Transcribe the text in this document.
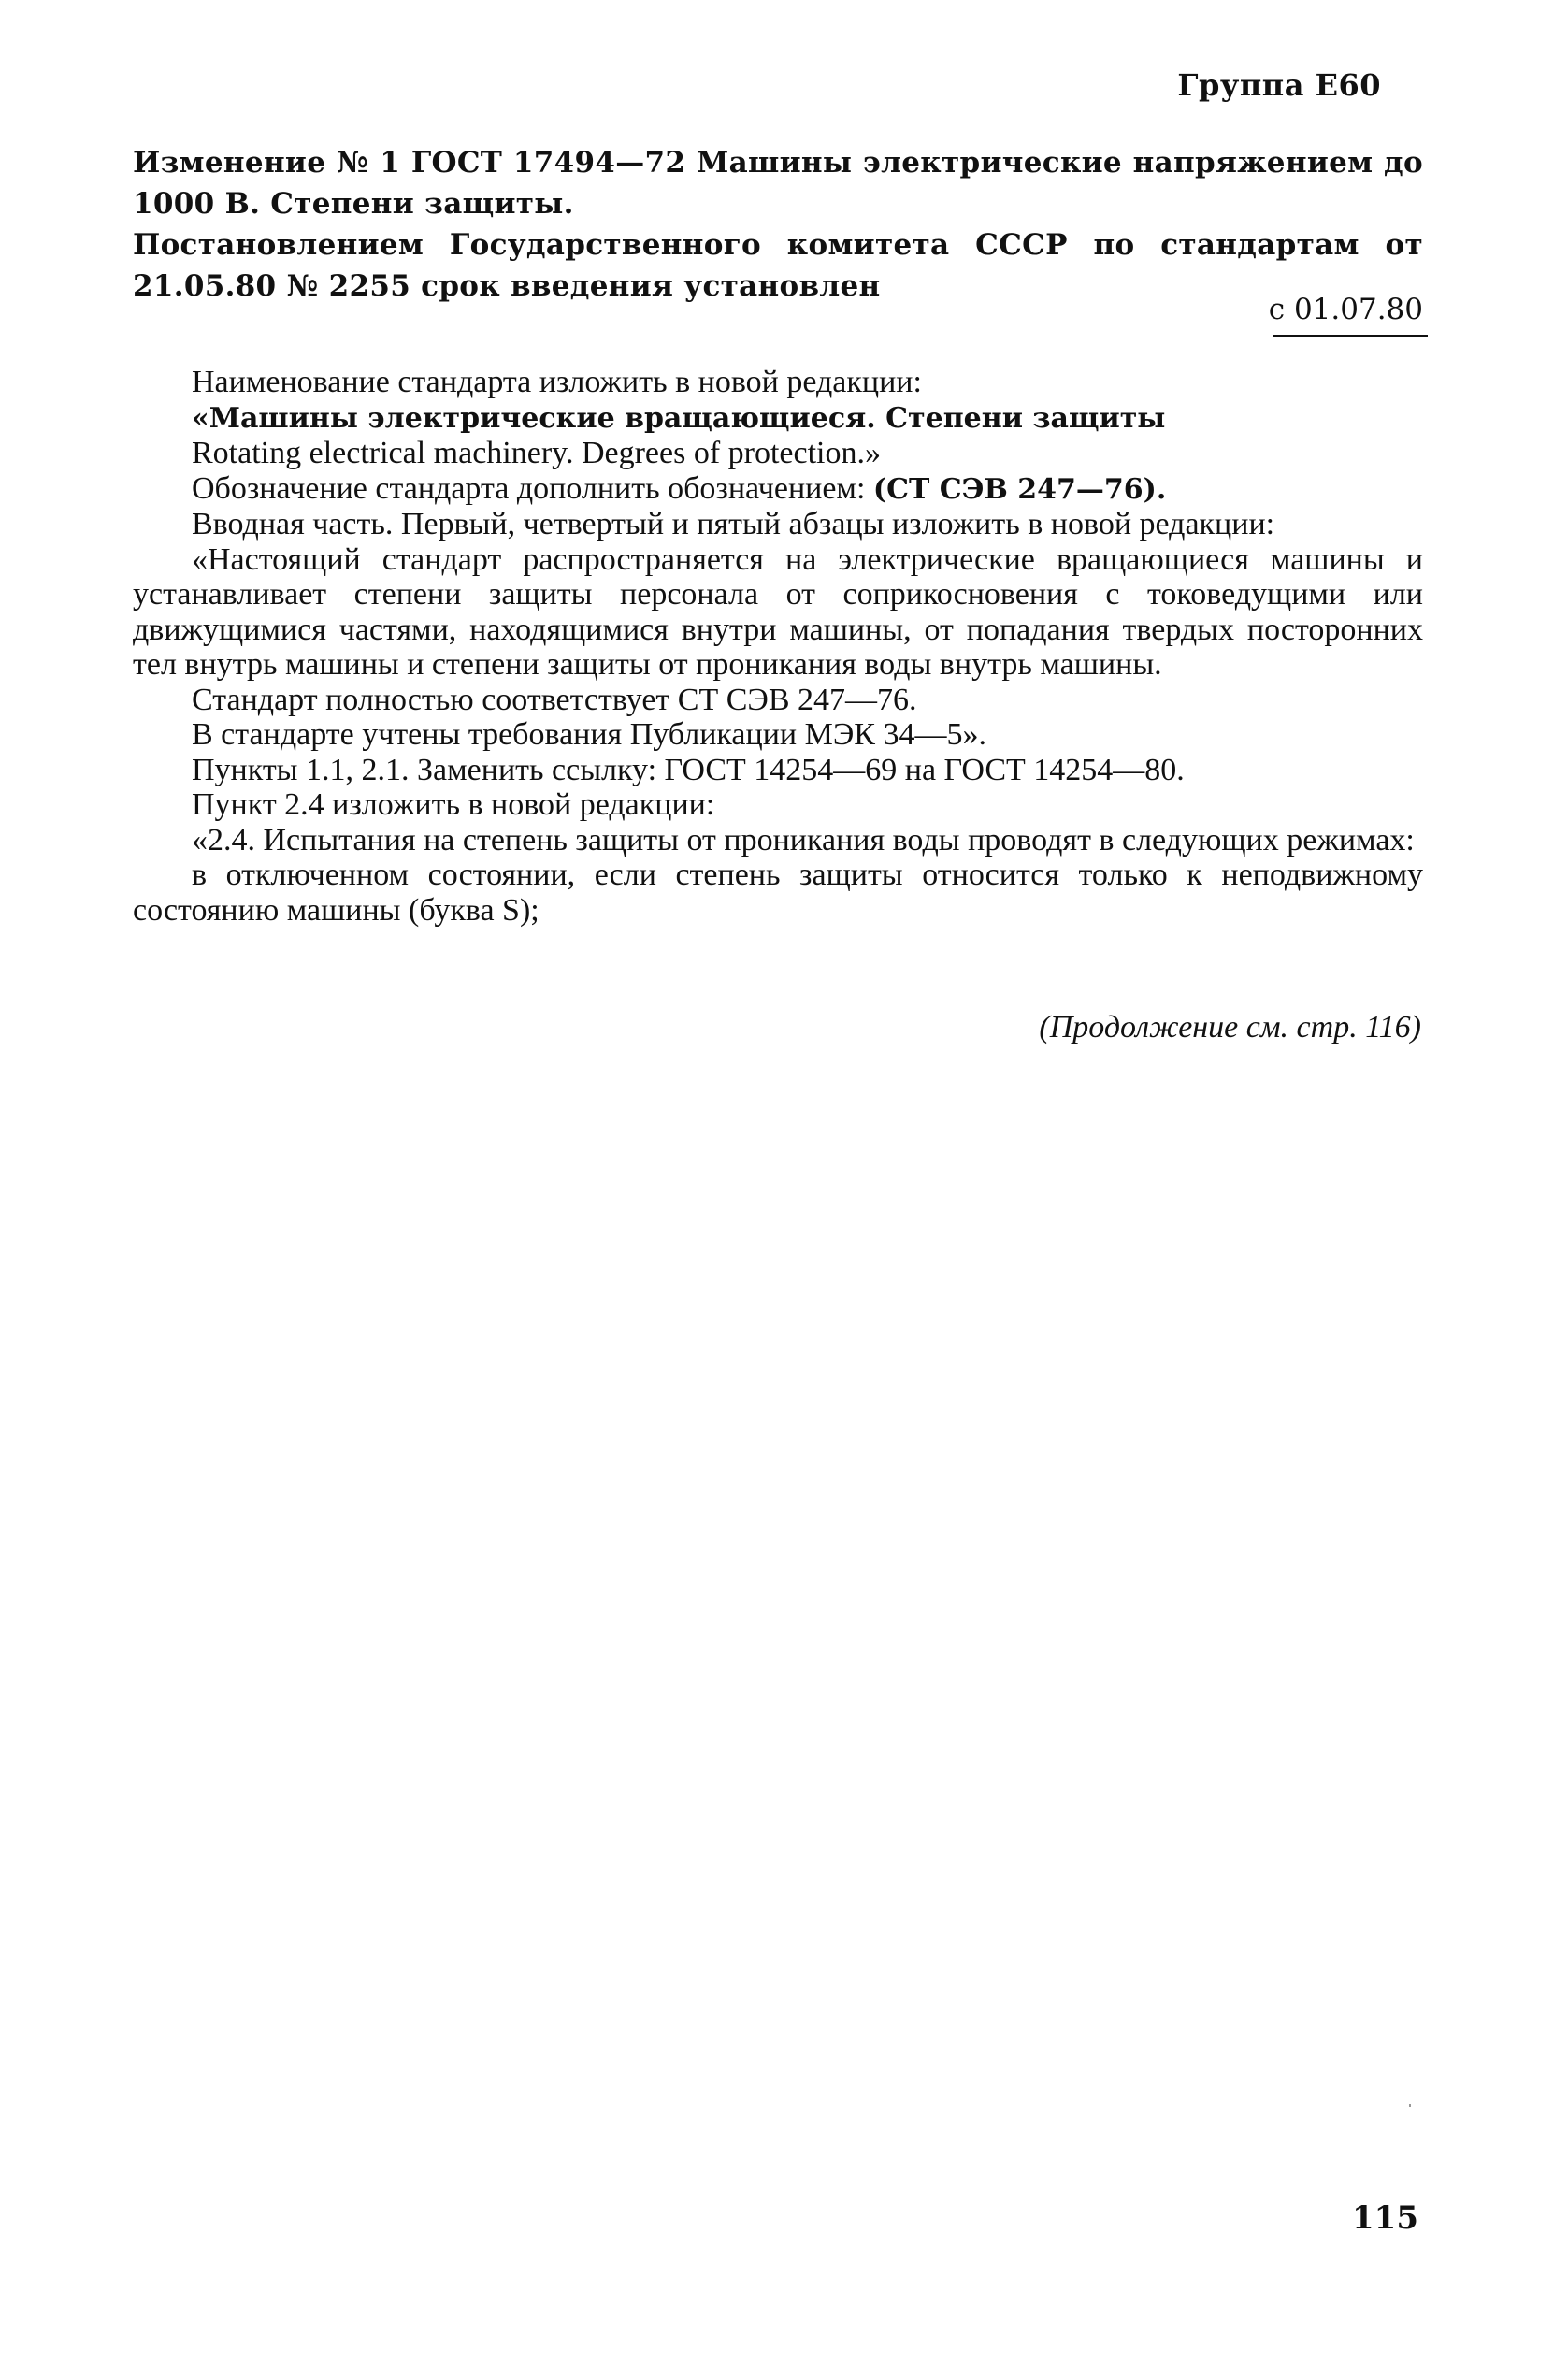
Группа Е60
Изменение № 1 ГОСТ 17494—72 Машины электрические напряжением до 1000 В. Степени защиты.
Постановлением Государственного комитета СССР по стандартам от 21.05.80 № 2255 срок введения установлен
с 01.07.80

Наименование стандарта изложить в новой редакции:

«Машины электрические вращающиеся. Степени защиты

Rotating electrical machinery. Degrees of protection.»

Обозначение стандарта дополнить обозначением: (СТ СЭВ 247—76).

Вводная часть. Первый, четвертый и пятый абзацы изложить в новой редакции:

«Настоящий стандарт распространяется на электрические вращающиеся машины и устанавливает степени защиты персонала от соприкосновения с токоведущими или движущимися частями, находящимися внутри машины, от попадания твердых посторонних тел внутрь машины и степени защиты от проникания воды внутрь машины.

Стандарт полностью соответствует СТ СЭВ 247—76.

В стандарте учтены требования Публикации МЭК 34—5».

Пункты 1.1, 2.1. Заменить ссылку: ГОСТ 14254—69 на ГОСТ 14254—80.

Пункт 2.4 изложить в новой редакции:

«2.4. Испытания на степень защиты от проникания воды проводят в следующих режимах:

в отключенном состоянии, если степень защиты относится только к неподвижному состоянию машины (буква S);

(Продолжение см. стр. 116)
115
